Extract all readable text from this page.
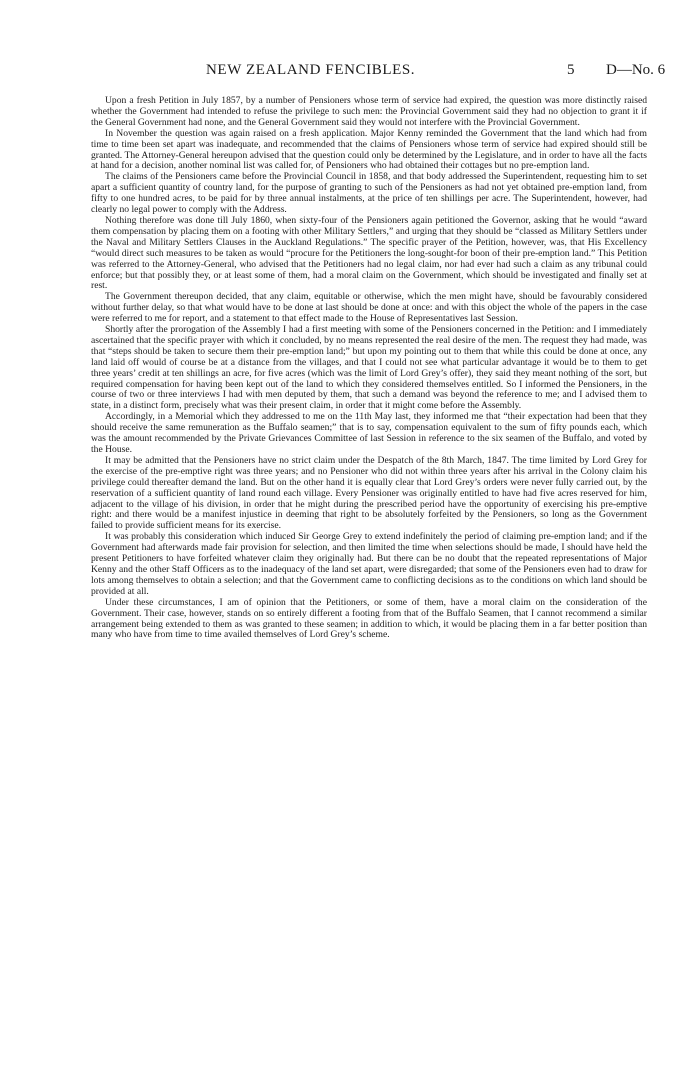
NEW ZEALAND FENCIBLES.	5 D—No. 6

Upon a fresh Petition in July 1857, by a number of Pensioners whose term of service had expired, the question was more distinctly raised whether the Government had intended to refuse the privilege to such men: the Provincial Government said they had no objection to grant it if the General Government had none, and the General Government said they would not interfere with the Provincial Government.

In November the question was again raised on a fresh application. Major Kenny reminded the Government that the land which had from time to time been set apart was inadequate, and recommended that the claims of Pensioners whose term of service had expired should still be granted. The Attorney-General hereupon advised that the question could only be determined by the Legislature, and in order to have all the facts at hand for a decision, another nominal list was called for, of Pensioners who had obtained their cottages but no pre-emption land.

The claims of the Pensioners came before the Provincial Council in 1858, and that body addressed the Superintendent, requesting him to set apart a sufficient quantity of country land, for the purpose of granting to such of the Pensioners as had not yet obtained pre-emption land, from fifty to one hundred acres, to be paid for by three annual instalments, at the price of ten shillings per acre. The Superintendent, however, had clearly no legal power to comply with the Address.

Nothing therefore was done till July 1860, when sixty-four of the Pensioners again petitioned the Governor, asking that he would “award them compensation by placing them on a footing with other Military Settlers,” and urging that they should be “classed as Military Settlers under the Naval and Military Settlers Clauses in the Auckland Regulations.” The specific prayer of the Petition, however, was, that His Excellency “would direct such measures to be taken as would “procure for the Petitioners the long-sought-for boon of their pre-emption land.” This Petition was referred to the Attorney-General, who advised that the Petitioners had no legal claim, nor had ever had such a claim as any tribunal could enforce; but that possibly they, or at least some of them, had a moral claim on the Government, which should be investigated and finally set at rest.

The Government thereupon decided, that any claim, equitable or otherwise, which the men might have, should be favourably considered without further delay, so that what would have to be done at last should be done at once: and with this object the whole of the papers in the case were referred to me for report, and a statement to that effect made to the House of Representatives last Session.

Shortly after the prorogation of the Assembly I had a first meeting with some of the Pensioners concerned in the Petition: and I immediately ascertained that the specific prayer with which it concluded, by no means represented the real desire of the men. The request they had made, was that “steps should be taken to secure them their pre-emption land;” but upon my pointing out to them that while this could be done at once, any land laid off would of course be at a distance from the villages, and that I could not see what particular advantage it would be to them to get three years’ credit at ten shillings an acre, for five acres (which was the limit of Lord Grey’s offer), they said they meant nothing of the sort, but required compensation for having been kept out of the land to which they considered themselves entitled. So I informed the Pensioners, in the course of two or three interviews I had with men deputed by them, that such a demand was beyond the reference to me; and I advised them to state, in a distinct form, precisely what was their present claim, in order that it might come before the Assembly.

Accordingly, in a Memorial which they addressed to me on the 11th May last, they informed me that “their expectation had been that they should receive the same remuneration as the Buffalo seamen;” that is to say, compensation equivalent to the sum of fifty pounds each, which was the amount recommended by the Private Grievances Committee of last Session in reference to the six seamen of the Buffalo, and voted by the House.

It may be admitted that the Pensioners have no strict claim under the Despatch of the 8th March, 1847. The time limited by Lord Grey for the exercise of the pre-emptive right was three years; and no Pensioner who did not within three years after his arrival in the Colony claim his privilege could thereafter demand the land. But on the other hand it is equally clear that Lord Grey’s orders were never fully carried out, by the reservation of a sufficient quantity of land round each village. Every Pensioner was originally entitled to have had five acres reserved for him, adjacent to the village of his division, in order that he might during the prescribed period have the opportunity of exercising his pre-emptive right: and there would be a manifest injustice in deeming that right to be absolutely forfeited by the Pensioners, so long as the Government failed to provide sufficient means for its exercise.

It was probably this consideration which induced Sir George Grey to extend indefinitely the period of claiming pre-emption land; and if the Government had afterwards made fair provision for selection, and then limited the time when selections should be made, I should have held the present Petitioners to have forfeited whatever claim they originally had. But there can be no doubt that the repeated representations of Major Kenny and the other Staff Officers as to the inadequacy of the land set apart, were disregarded; that some of the Pensioners even had to draw for lots among themselves to obtain a selection; and that the Government came to conflicting decisions as to the conditions on which land should be provided at all.

Under these circumstances, I am of opinion that the Petitioners, or some of them, have a moral claim on the consideration of the Government. Their case, however, stands on so entirely different a footing from that of the Buffalo Seamen, that I cannot recommend a similar arrangement being extended to them as was granted to these seamen; in addition to which, it would be placing them in a far better position than many who have from time to time availed themselves of Lord Grey’s scheme.
